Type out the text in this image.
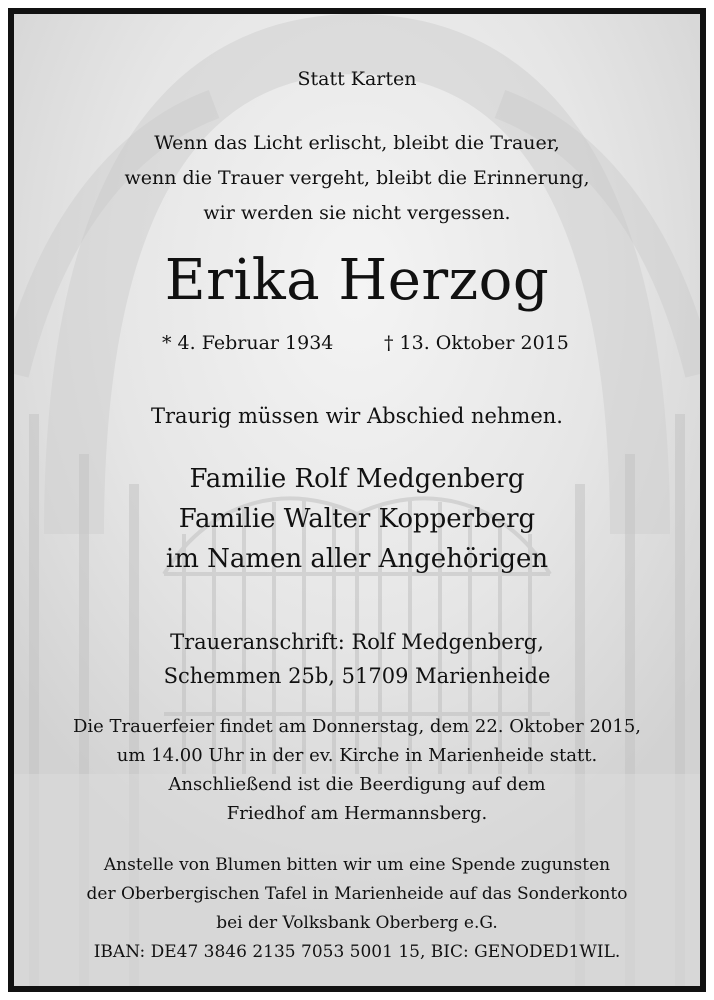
Statt Karten
Wenn das Licht erlischt, bleibt die Trauer,
wenn die Trauer vergeht, bleibt die Erinnerung,
wir werden sie nicht vergessen.
Erika Herzog
* 4. Februar 1934	† 13. Oktober 2015
Traurig müssen wir Abschied nehmen.
Familie Rolf Medgenberg
Familie Walter Kopperberg
im Namen aller Angehörigen
Traueranschrift: Rolf Medgenberg,
Schemmen 25b, 51709 Marienheide
Die Trauerfeier findet am Donnerstag, dem 22. Oktober 2015,
um 14.00 Uhr in der ev. Kirche in Marienheide statt.
Anschließend ist die Beerdigung auf dem
Friedhof am Hermannsberg.
Anstelle von Blumen bitten wir um eine Spende zugunsten
der Oberbergischen Tafel in Marienheide auf das Sonderkonto
bei der Volksbank Oberberg e.G.
IBAN: DE47 3846 2135 7053 5001 15, BIC: GENODED1WIL.
